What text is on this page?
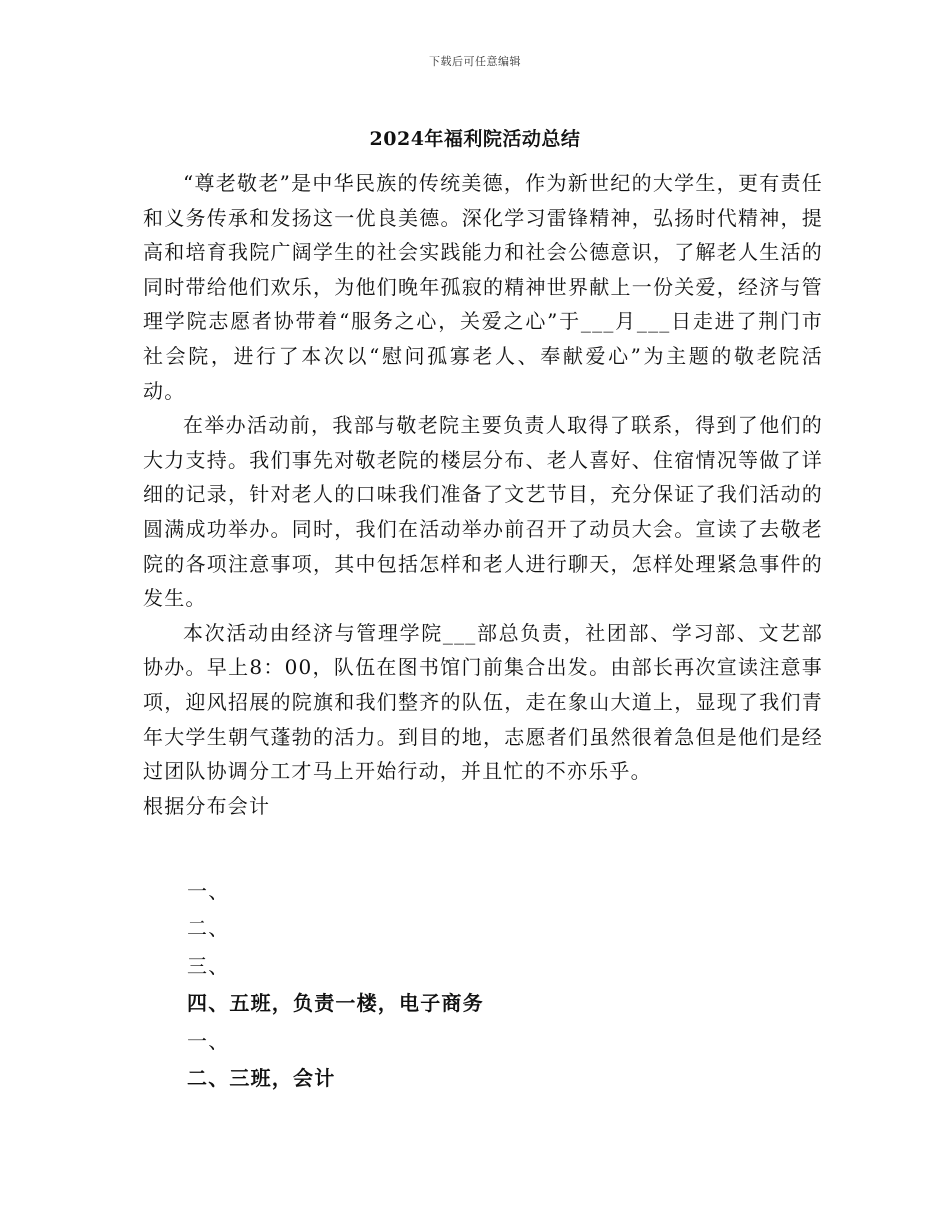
下载后可任意编辑
2024年福利院活动总结

“尊老敬老”是中华民族的传统美德，作为新世纪的大学生，更有责任和义务传承和发扬这一优良美德。深化学习雷锋精神，弘扬时代精神，提高和培育我院广阔学生的社会实践能力和社会公德意识，了解老人生活的同时带给他们欢乐，为他们晚年孤寂的精神世界献上一份关爱，经济与管理学院志愿者协带着“服务之心，关爱之心”于___月___日走进了荆门市社会院，进行了本次以“慰问孤寡老人、奉献爱心”为主题的敬老院活动。

在举办活动前，我部与敬老院主要负责人取得了联系，得到了他们的大力支持。我们事先对敬老院的楼层分布、老人喜好、住宿情况等做了详细的记录，针对老人的口味我们准备了文艺节目，充分保证了我们活动的圆满成功举办。同时，我们在活动举办前召开了动员大会。宣读了去敬老院的各项注意事项，其中包括怎样和老人进行聊天，怎样处理紧急事件的发生。

本次活动由经济与管理学院___部总负责，社团部、学习部、文艺部协办。早上8：00，队伍在图书馆门前集合出发。由部长再次宣读注意事项，迎风招展的院旗和我们整齐的队伍，走在象山大道上，显现了我们青年大学生朝气蓬勃的活力。到目的地，志愿者们虽然很着急但是他们是经过团队协调分工才马上开始行动，并且忙的不亦乐乎。

根据分布会计

一、
二、
三、
四、五班，负责一楼，电子商务
一、
二、三班，会计
